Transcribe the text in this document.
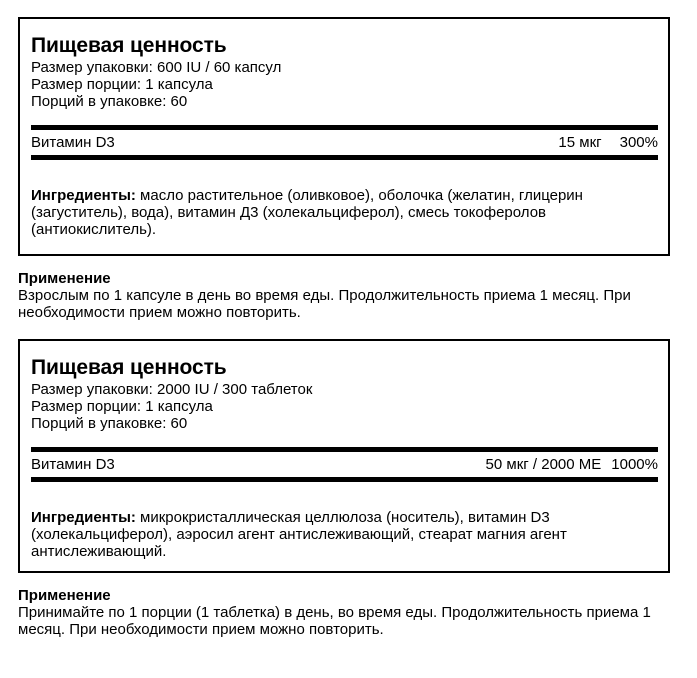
Пищевая ценность
Размер упаковки: 600 IU / 60 капсул
Размер порции: 1 капсула
Порций в упаковке: 60
Витамин D3	15 мкг 300%
Ингредиенты: масло растительное (оливковое), оболочка (желатин, глицерин (загуститель), вода), витамин Д3 (холекальциферол), смесь токоферолов (антиокислитель).
Применение
Взрослым по 1 капсуле в день во время еды. Продолжительность приема 1 месяц. При необходимости прием можно повторить.
Пищевая ценность
Размер упаковки: 2000 IU / 300 таблеток
Размер порции: 1 капсула
Порций в упаковке: 60
Витамин D3	50 мкг / 2000 МЕ 1000%
Ингредиенты: микрокристаллическая целлюлоза (носитель), витамин D3 (холекальциферол), аэросил агент антислеживающий, стеарат магния агент антислеживающий.
Применение
Принимайте по 1 порции (1 таблетка) в день, во время еды. Продолжительность приема 1 месяц. При необходимости прием можно повторить.
